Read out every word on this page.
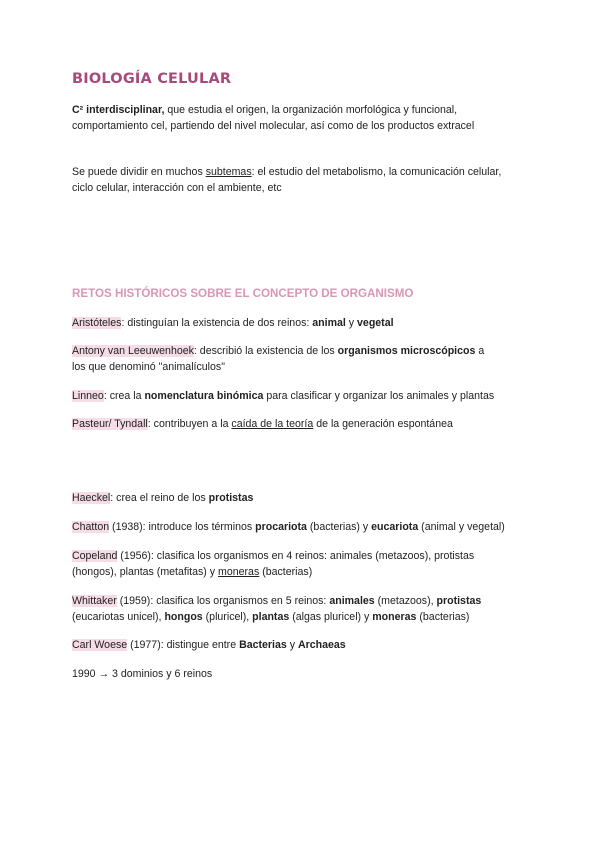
BIOLOGÍA CELULAR
RETOS HISTÓRICOS SOBRE EL CONCEPTO DE ORGANISMO
C² interdisciplinar, que estudia el origen, la organización morfológica y funcional,
comportamiento cel, partiendo del nivel molecular, así como de los productos extracel
Se puede dividir en muchos subtemas: el estudio del metabolismo, la comunicación celular,
ciclo celular, interacción con el ambiente, etc
Aristóteles: distinguían la existencia de dos reinos: animal y vegetal
Antony van Leeuwenhoek: describió la existencia de los organismos microscópicos a
los que denominó "animalículos"
Linneo: crea la nomenclatura binómica para clasificar y organizar los animales y plantas
Pasteur/ Tyndall: contribuyen a la caída de la teoría de la generación espontánea
Haeckel: crea el reino de los protistas
Chatton (1938): introduce los términos procariota (bacterias) y eucariota (animal y vegetal)
Copeland (1956): clasifica los organismos en 4 reinos: animales (metazoos), protistas
(hongos), plantas (metafitas) y moneras (bacterias)
Whittaker (1959): clasifica los organismos en 5 reinos: animales (metazoos), protistas
(eucariotas unicel), hongos (pluricel), plantas (algas pluricel) y moneras (bacterias)
Carl Woese (1977): distingue entre Bacterias y Archaeas
1990 → 3 dominios y 6 reinos
